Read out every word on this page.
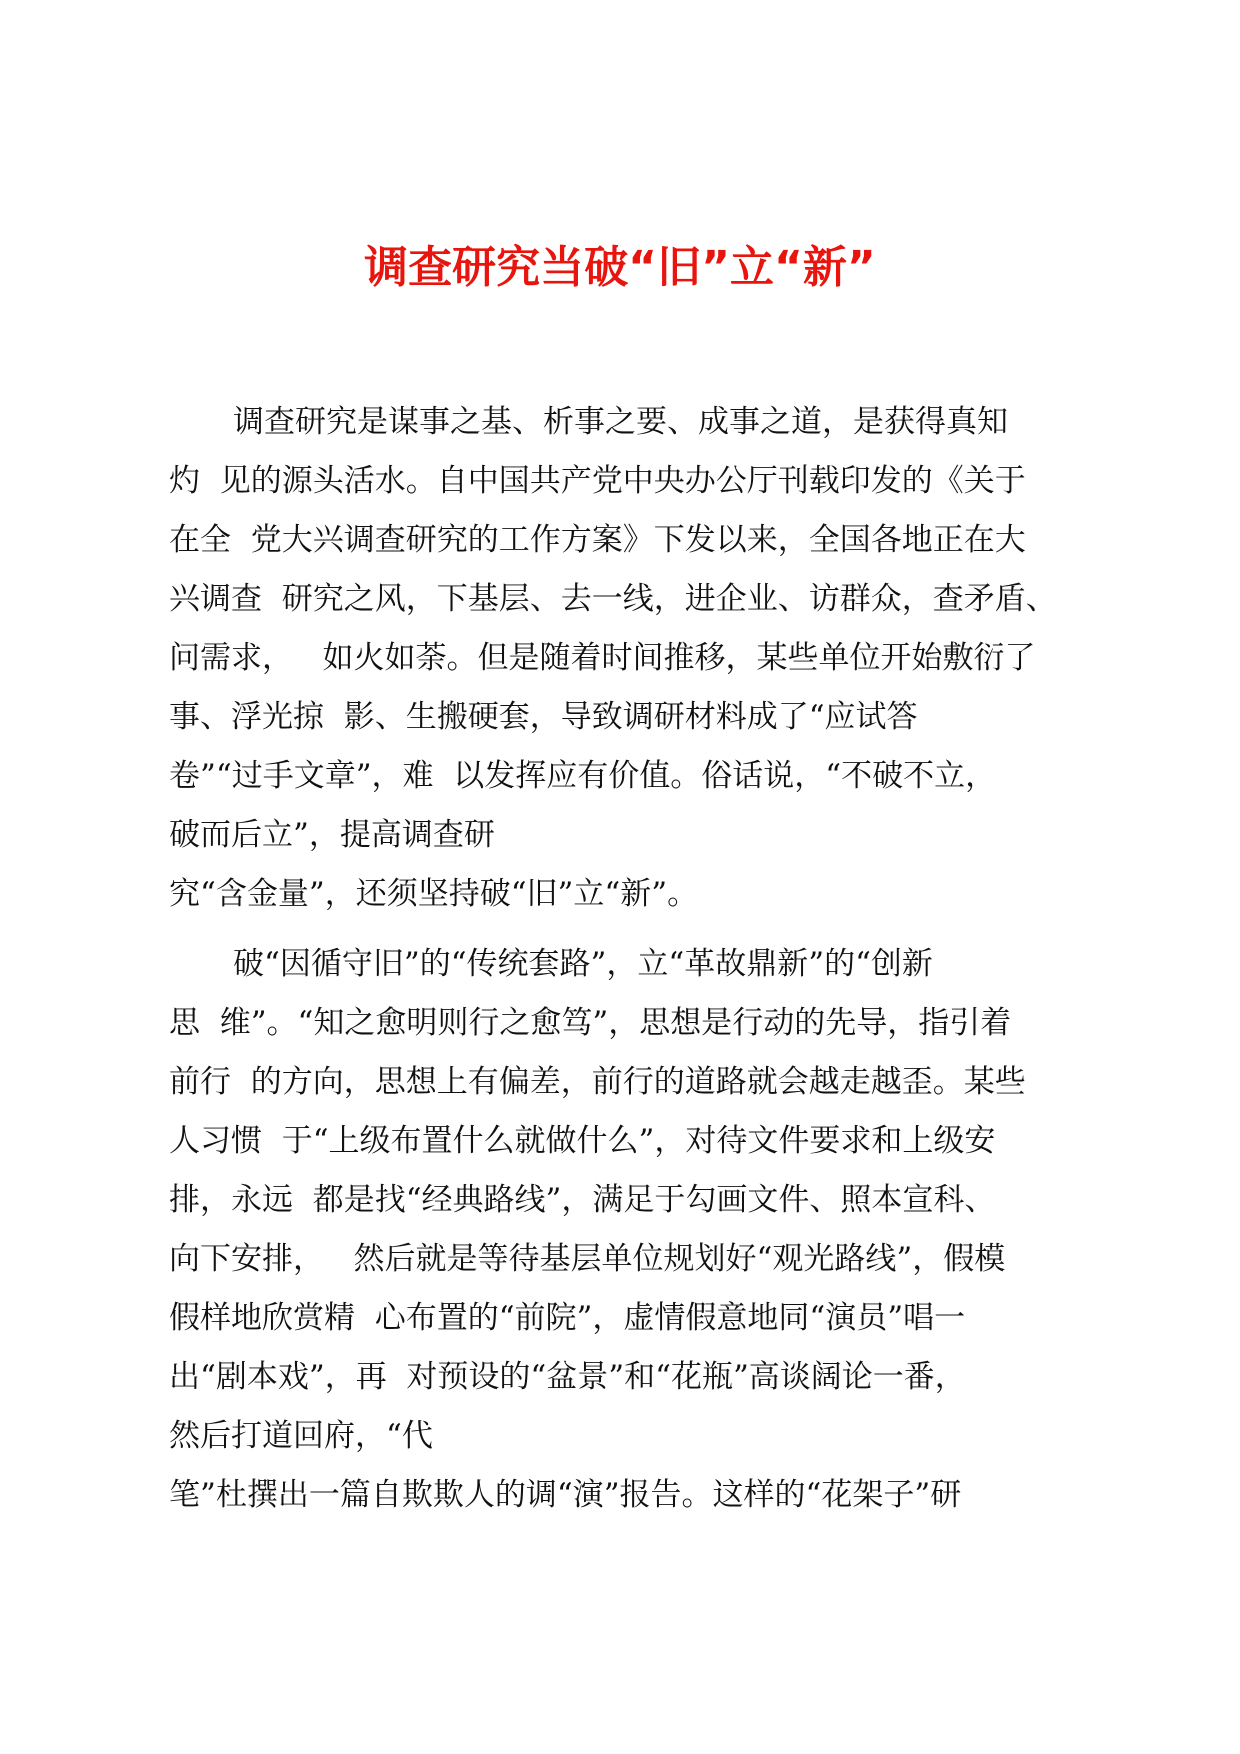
调查研究当破“旧”立“新”
调查研究是谋事之基、析事之要、成事之道，是获得真知
灼  见的源头活水。自中国共产党中央办公厅刊载印发的《关于
在全  党大兴调查研究的工作方案》下发以来，全国各地正在大
兴调查  研究之风，下基层、去一线，进企业、访群众，查矛盾、
问需求，   如火如荼。但是随着时间推移，某些单位开始敷衍了
事、浮光掠  影、生搬硬套，导致调研材料成了“应试答
卷”“过手文章”，难  以发挥应有价值。俗话说，“不破不立，
破而后立”，提高调查研
究“含金量”，还须坚持破“旧”立“新”。
破“因循守旧”的“传统套路”，立“革故鼎新”的“创新
思  维”。“知之愈明则行之愈笃”，思想是行动的先导，指引着
前行  的方向，思想上有偏差，前行的道路就会越走越歪。某些
人习惯  于“上级布置什么就做什么”，对待文件要求和上级安
排，永远  都是找“经典路线”，满足于勾画文件、照本宣科、
向下安排，   然后就是等待基层单位规划好“观光路线”，假模
假样地欣赏精  心布置的“前院”，虚情假意地同“演员”唱一
出“剧本戏”，再  对预设的“盆景”和“花瓶”高谈阔论一番，
然后打道回府，“代
笔”杜撰出一篇自欺欺人的调“演”报告。这样的“花架子”研
